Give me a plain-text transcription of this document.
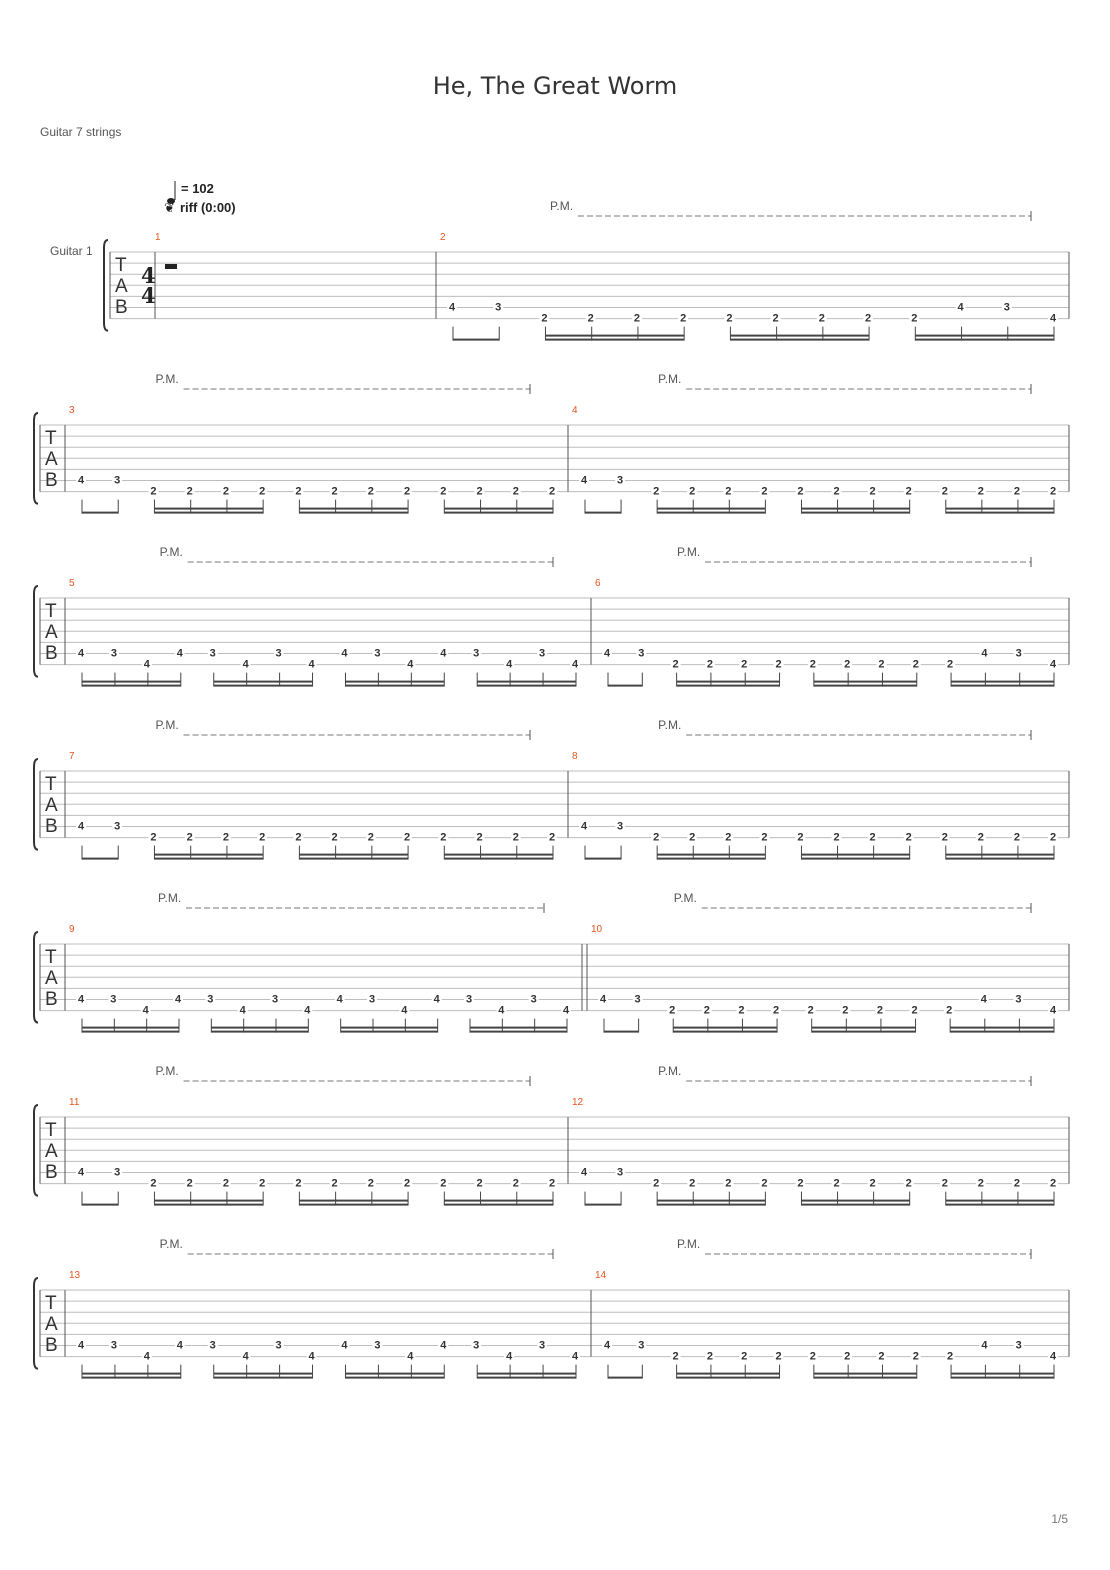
He, The Great Worm
Guitar 7 strings
1/5
T
A
B
Guitar 1
4
4
= 102
❦ riff (0:00)
1	2
4	3
2	2	2	2	2	2	2	2	2
4	3
4
P.M.
T
A
B
3
4	3
2	2	2	2	2	2	2	2	2	2	2	2
P.M.
4
4	3
2	2	2	2	2	2	2	2	2	2	2	2
P.M.
T
A
B
5
4 3
4
4 3
4
3
4
4 3
4
4 3
4
3
4
P.M.
6
4	3
2	2	2	2	2	2	2	2	2
4	3
4
P.M.
T
A
B
7
4	3
2	2	2	2	2	2	2	2	2	2	2	2
P.M.
8
4	3
2	2	2	2	2	2	2	2	2	2	2	2
P.M.
T
A
B
9
4 3
4
4 3
4
3
4
4 3
4
4 3
4
3
4
P.M.
10
4	3
2	2	2	2	2	2	2	2	2
4	3
4
P.M.
T
A
B
11
4	3
2	2	2	2	2	2	2	2	2	2	2	2
P.M.
12
4	3
2	2	2	2	2	2	2	2	2	2	2	2
P.M.
T
A
B
13
4 3
4
4 3
4
3
4
4 3
4
4 3
4
3
4
P.M.
14
4	3
2	2	2	2	2	2	2	2	2
4	3
4
P.M.
